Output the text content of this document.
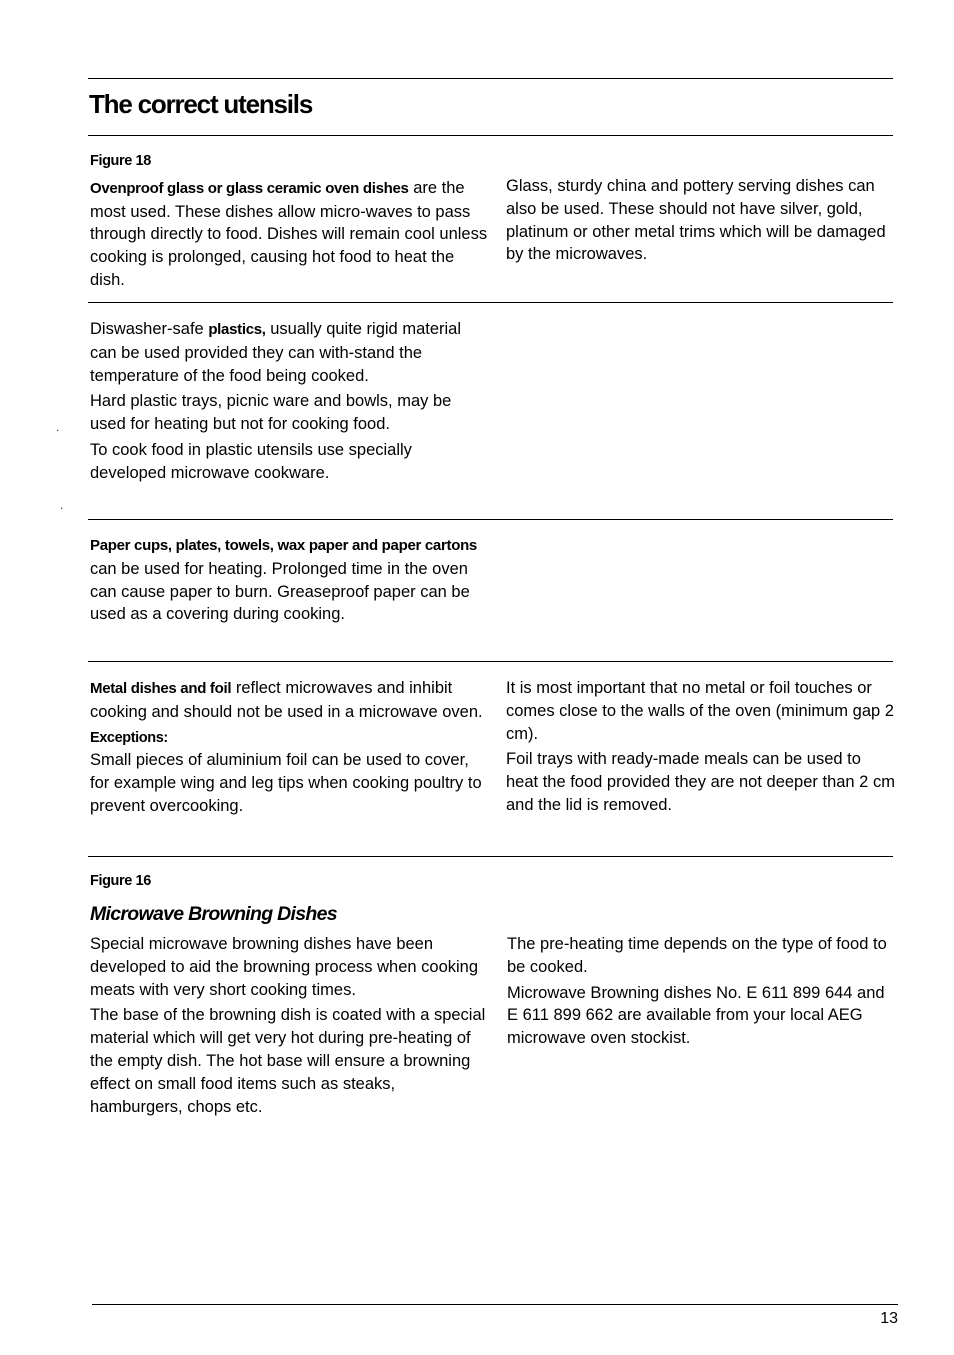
The correct utensils
Figure 18

Ovenproof glass or glass ceramic oven dishes are the most used. These dishes allow micro-waves to pass through directly to food. Dishes will remain cool unless cooking is prolonged, causing hot food to heat the dish.

Glass, sturdy china and pottery serving dishes can also be used. These should not have silver, gold, platinum or other metal trims which will be damaged by the microwaves.

Diswasher-safe plastics, usually quite rigid material can be used provided they can with-stand the temperature of the food being cooked.

Hard plastic trays, picnic ware and bowls, may be used for heating but not for cooking food.

To cook food in plastic utensils use specially developed microwave cookware.

Paper cups, plates, towels, wax paper and paper cartons can be used for heating. Prolonged time in the oven can cause paper to burn. Greaseproof paper can be used as a covering during cooking.

Metal dishes and foil reflect microwaves and inhibit cooking and should not be used in a microwave oven.

Exceptions:

Small pieces of aluminium foil can be used to cover, for example wing and leg tips when cooking poultry to prevent overcooking.

It is most important that no metal or foil touches or comes close to the walls of the oven (minimum gap 2 cm).

Foil trays with ready-made meals can be used to heat the food provided they are not deeper than 2 cm and the lid is removed.

Figure 16
Microwave Browning Dishes

Special microwave browning dishes have been developed to aid the browning process when cooking meats with very short cooking times.

The base of the browning dish is coated with a special material which will get very hot during pre-heating of the empty dish. The hot base will ensure a browning effect on small food items such as steaks, hamburgers, chops etc.

The pre-heating time depends on the type of food to be cooked.

Microwave Browning dishes No. E 611 899 644 and E 611 899 662 are available from your local AEG microwave oven stockist.

13
.
.
